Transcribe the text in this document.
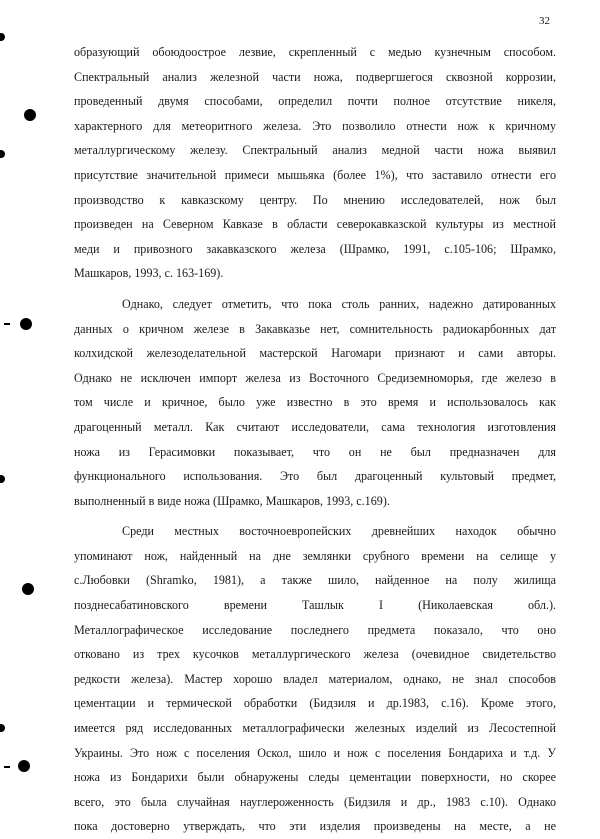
32

образующий обоюдоострое лезвие, скрепленный с медью кузнечным способом.
Спектральный анализ железной части ножа, подвергшегося сквозной коррозии,
проведенный двумя способами, определил почти полное отсутствие никеля,
характерного для метеоритного железа. Это позволило отнести нож к кричному
металлургическому железу. Спектральный анализ медной части ножа выявил
присутствие значительной примеси мышьяка (более 1%), что заставило отнести его
производство к кавказскому центру. По мнению исследователей, нож был
произведен на Северном Кавказе в области северокавказской культуры из местной
меди и привозного закавказского железа (Шрамко, 1991, с.105-106; Шрамко,
Машкаров, 1993, с. 163-169).

Однако, следует отметить, что пока столь ранних, надежно датированных
данных о кричном железе в Закавказье нет, сомнительность радиокарбонных дат
колхидской железоделательной мастерской Нагомари признают и сами авторы.
Однако не исключен импорт железа из Восточного Средиземноморья, где железо в
том числе и кричное, было уже известно в это время и использовалось как
драгоценный металл. Как считают исследователи, сама технология изготовления
ножа из Герасимовки показывает, что он не был предназначен для
функционального использования. Это был драгоценный культовый предмет,
выполненный в виде ножа (Шрамко, Машкаров, 1993, с.169).

Среди местных восточноевропейских древнейших находок обычно
упоминают нож, найденный на дне землянки срубного времени на селище у
с.Любовки (Shramko, 1981), а также шило, найденное на полу жилища
позднесабатиновского времени Ташлык I (Николаевская обл.).
Металлографическое исследование последнего предмета показало, что оно
отковано из трех кусочков металлургического железа (очевидное свидетельство
редкости железа). Мастер хорошо владел материалом, однако, не знал способов
цементации и термической обработки (Бидзиля и др.1983, с.16). Кроме этого,
имеется ряд исследованных металлографически железных изделий из Лесостепной
Украины. Это нож с поселения Оскол, шило и нож с поселения Бондариха и т.д. У
ножа из Бондарихи были обнаружены следы цементации поверхности, но скорее
всего, это была случайная науглероженность (Бидзиля и др., 1983 с.10). Однако
пока достоверно утверждать, что эти изделия произведены на месте, а не
